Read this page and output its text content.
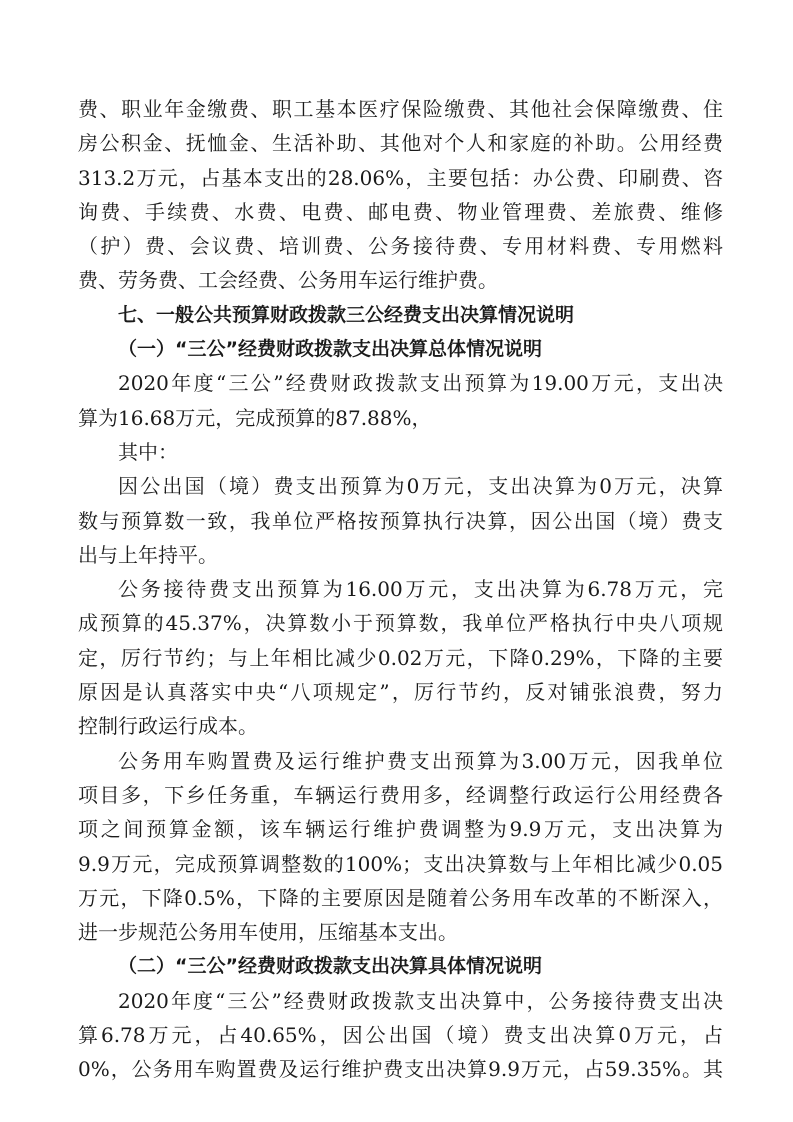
费、职业年金缴费、职工基本医疗保险缴费、其他社会保障缴费、住
房公积金、抚恤金、生活补助、其他对个人和家庭的补助。公用经费
313.2万元，占基本支出的28.06%，主要包括：办公费、印刷费、咨
询费、手续费、水费、电费、邮电费、物业管理费、差旅费、维修
（护）费、会议费、培训费、公务接待费、专用材料费、专用燃料
费、劳务费、工会经费、公务用车运行维护费。
七、一般公共预算财政拨款三公经费支出决算情况说明
（一）“三公”经费财政拨款支出决算总体情况说明
2020年度“三公”经费财政拨款支出预算为19.00万元，支出决
算为16.68万元，完成预算的87.88%，
其中：
因公出国（境）费支出预算为0万元，支出决算为0万元，决算
数与预算数一致，我单位严格按预算执行决算，因公出国（境）费支
出与上年持平。
公务接待费支出预算为16.00万元，支出决算为6.78万元，完
成预算的45.37%，决算数小于预算数，我单位严格执行中央八项规
定，厉行节约；与上年相比减少0.02万元，下降0.29%，下降的主要
原因是认真落实中央“八项规定”，厉行节约，反对铺张浪费，努力
控制行政运行成本。
公务用车购置费及运行维护费支出预算为3.00万元，因我单位
项目多，下乡任务重，车辆运行费用多，经调整行政运行公用经费各
项之间预算金额，该车辆运行维护费调整为9.9万元，支出决算为
9.9万元，完成预算调整数的100%；支出决算数与上年相比减少0.05
万元，下降0.5%，下降的主要原因是随着公务用车改革的不断深入，
进一步规范公务用车使用，压缩基本支出。
（二）“三公”经费财政拨款支出决算具体情况说明
2020年度“三公”经费财政拨款支出决算中，公务接待费支出决
算6.78万元，占40.65%，因公出国（境）费支出决算0万元，占
0%，公务用车购置费及运行维护费支出决算9.9万元，占59.35%。其
